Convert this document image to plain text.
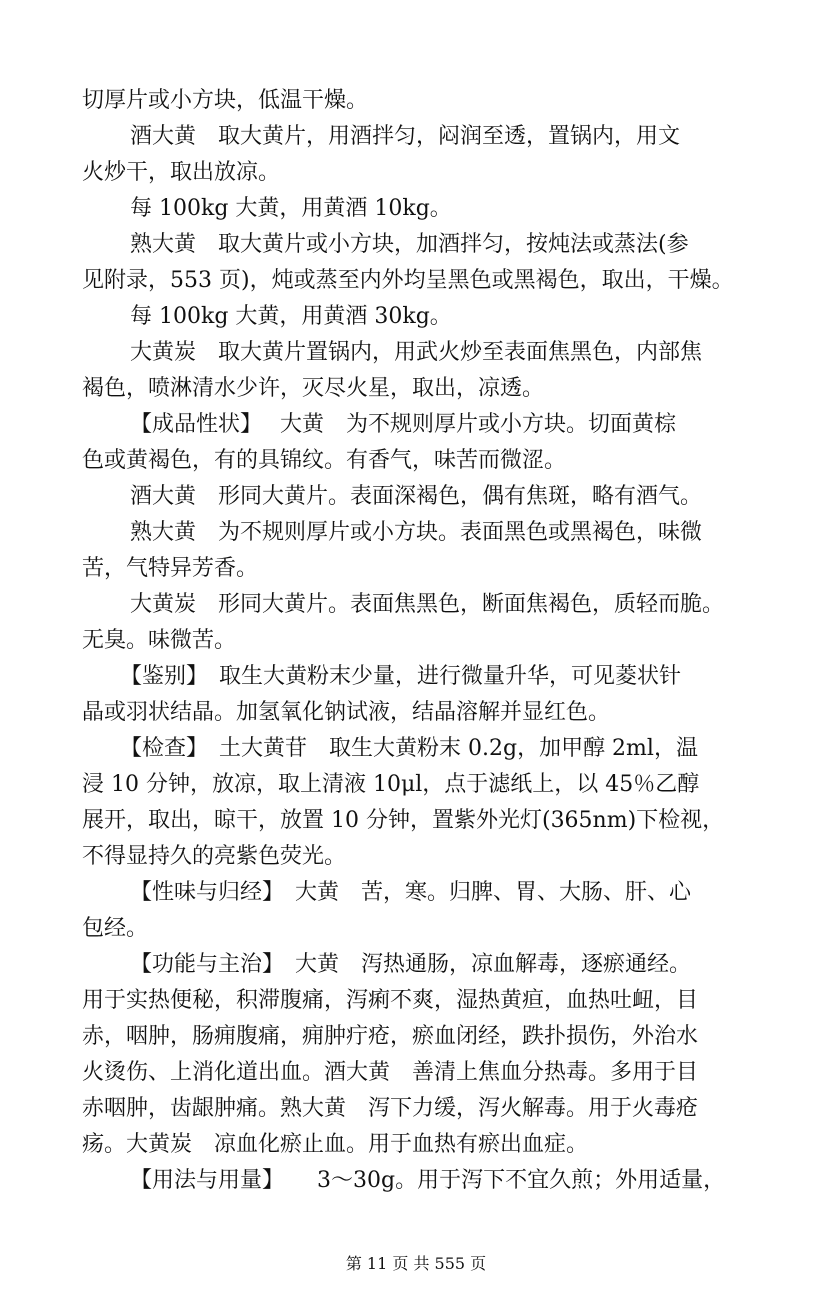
切厚片或小方块，低温干燥。
酒大黄　取大黄片，用酒拌匀，闷润至透，置锅内，用文
火炒干，取出放凉。
每 100kg 大黄，用黄酒 10kg。
熟大黄　取大黄片或小方块，加酒拌匀，按炖法或蒸法(参
见附录，553 页)，炖或蒸至内外均呈黑色或黑褐色，取出，干燥。
每 100kg 大黄，用黄酒 30kg。
大黄炭　取大黄片置锅内，用武火炒至表面焦黑色，内部焦
褐色，喷淋清水少许，灭尽火星，取出，凉透。
【成品性状】　 大黄　为不规则厚片或小方块。切面黄棕
色或黄褐色，有的具锦纹。有香气，味苦而微涩。
酒大黄　形同大黄片。表面深褐色，偶有焦斑，略有酒气。
熟大黄　为不规则厚片或小方块。表面黑色或黑褐色，味微
苦，气特异芳香。
大黄炭　形同大黄片。表面焦黑色，断面焦褐色，质轻而脆。
无臭。味微苦。
【鉴别】　取生大黄粉末少量，进行微量升华，可见菱状针
晶或羽状结晶。加氢氧化钠试液，结晶溶解并显红色。
【检查】　土大黄苷　取生大黄粉末 0.2g，加甲醇 2ml，温
浸 10 分钟，放凉，取上清液 10μl，点于滤纸上，以 45％乙醇
展开，取出，晾干，放置 10 分钟，置紫外光灯(365nm)下检视，
不得显持久的亮紫色荧光。
【性味与归经】　大黄　苦，寒。归脾、胃、大肠、肝、心
包经。
【功能与主治】　大黄　泻热通肠，凉血解毒，逐瘀通经。
用于实热便秘，积滞腹痛，泻痢不爽，湿热黄疸，血热吐衄，目
赤，咽肿，肠痈腹痛，痈肿疔疮，瘀血闭经，跌扑损伤，外治水
火烫伤、上消化道出血。酒大黄　善清上焦血分热毒。多用于目
赤咽肿，齿龈肿痛。熟大黄　泻下力缓，泻火解毒。用于火毒疮
疡。大黄炭　凉血化瘀止血。用于血热有瘀出血症。
【用法与用量】　　3～30g。用于泻下不宜久煎；外用适量，
第 11 页 共 555 页
